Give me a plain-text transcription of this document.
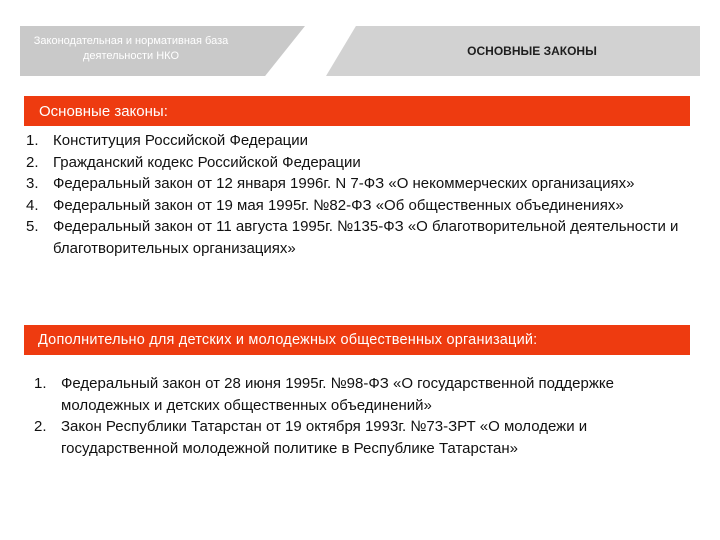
Законодательная и нормативная база деятельности НКО	ОСНОВНЫЕ ЗАКОНЫ
Основные законы:
1. Конституция Российской Федерации
2. Гражданский кодекс Российской Федерации
3. Федеральный закон от 12 января 1996г. N 7-ФЗ «О некоммерческих организациях»
4. Федеральный закон от 19 мая 1995г. №82-ФЗ «Об общественных объединениях»
5. Федеральный закон от 11 августа 1995г. №135-ФЗ «О благотворительной деятельности и благотворительных организациях»
Дополнительно для детских и молодежных общественных организаций:
1. Федеральный закон от 28 июня 1995г. №98-ФЗ «О государственной поддержке молодежных и детских общественных объединений»
2. Закон Республики Татарстан от 19 октября 1993г. №73-ЗРТ «О молодежи и государственной молодежной политике в Республике Татарстан»
